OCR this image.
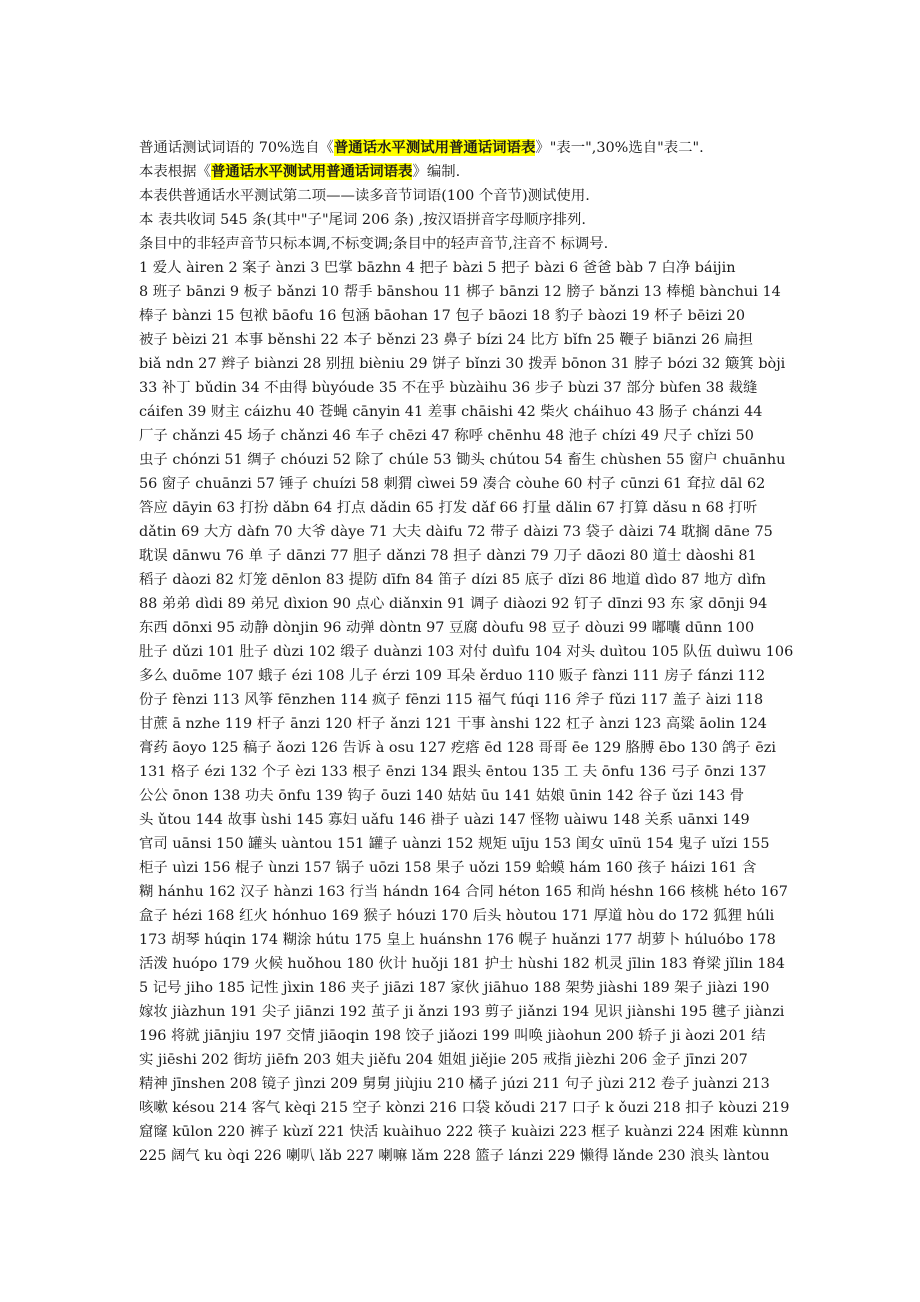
普通话测试词语的 70%选自《普通话水平测试用普通话词语表》"表一",30%选自"表二".

本表根据《普通话水平测试用普通话词语表》编制.

本表供普通话水平测试第二项——读多音节词语(100 个音节)测试使用.

本 表共收词 545 条(其中"子"尾词 206 条) ,按汉语拼音字母顺序排列.

条目中的非轻声音节只标本调,不标变调;条目中的轻声音节,注音不 标调号.

1 爱人 àiren 2 案子 ànzi 3 巴掌 bāzhn 4 把子 bàzi 5 把子 bàzi 6 爸爸 bàb 7 白净 báijin
8 班子 bānzi 9 板子 bǎnzi 10 帮手 bānshou 11 梆子 bānzi 12 膀子 bǎnzi 13 棒槌 bànchui 14
棒子 bànzi 15 包袱 bāofu 16 包涵 bāohan 17 包子 bāozi 18 豹子 bàozi 19 杯子 bēizi 20
被子 bèizi 21 本事 běnshi 22 本子 běnzi 23 鼻子 bízi 24 比方 bǐfn 25 鞭子 biānzi 26 扁担
biǎ ndn 27 辫子 biànzi 28 别扭 bièniu 29 饼子 bǐnzi 30 拨弄 bōnon 31 脖子 bózi 32 簸箕 bòji
33 补丁 bǔdin 34 不由得 bùyóude 35 不在乎 bùzàihu 36 步子 bùzi 37 部分 bùfen 38 裁缝
cáifen 39 财主 cáizhu 40 苍蝇 cānyin 41 差事 chāishi 42 柴火 cháihuo 43 肠子 chánzi 44
厂子 chǎnzi 45 场子 chǎnzi 46 车子 chēzi 47 称呼 chēnhu 48 池子 chízi 49 尺子 chǐzi 50
虫子 chónzi 51 绸子 chóuzi 52 除了 chúle 53 锄头 chútou 54 畜生 chùshen 55 窗户 chuānhu
56 窗子 chuānzi 57 锤子 chuízi 58 刺猬 cìwei 59 凑合 còuhe 60 村子 cūnzi 61 耷拉 dāl 62
答应 dāyin 63 打扮 dǎbn 64 打点 dǎdin 65 打发 dǎf 66 打量 dǎlin 67 打算 dǎsu n 68 打听
dǎtin 69 大方 dàfn 70 大爷 dàye 71 大夫 dàifu 72 带子 dàizi 73 袋子 dàizi 74 耽搁 dāne 75
耽误 dānwu 76 单 子 dānzi 77 胆子 dǎnzi 78 担子 dànzi 79 刀子 dāozi 80 道士 dàoshi 81
稻子 dàozi 82 灯笼 dēnlon 83 提防 dīfn 84 笛子 dízi 85 底子 dǐzi 86 地道 dìdo 87 地方 dìfn
88 弟弟 dìdi 89 弟兄 dìxion 90 点心 diǎnxin 91 调子 diàozi 92 钉子 dīnzi 93 东 家 dōnji 94
东西 dōnxi 95 动静 dònjin 96 动弹 dòntn 97 豆腐 dòufu 98 豆子 dòuzi 99 嘟囔 dūnn 100
肚子 dǔzi 101 肚子 dùzi 102 缎子 duànzi 103 对付 duìfu 104 对头 duìtou 105 队伍 duìwu 106
多么 duōme 107 蛾子 ézi 108 儿子 érzi 109 耳朵 ěrduo 110 贩子 fànzi 111 房子 fánzi 112
份子 fènzi 113 风筝 fēnzhen 114 疯子 fēnzi 115 福气 fúqi 116 斧子 fǔzi 117 盖子 àizi 118
甘蔗 ā nzhe 119 杆子 ānzi 120 杆子 ǎnzi 121 干事 ànshi 122 杠子 ànzi 123 高粱 āolin 124
膏药 āoyo 125 稿子 ǎozi 126 告诉 à osu 127 疙瘩 ēd 128 哥哥 ēe 129 胳膊 ēbo 130 鸽子 ēzi
131 格子 ézi 132 个子 èzi 133 根子 ēnzi 134 跟头 ēntou 135 工 夫 ōnfu 136 弓子 ōnzi 137
公公 ōnon 138 功夫 ōnfu 139 钩子 ōuzi 140 姑姑 ūu 141 姑娘 ūnin 142 谷子 ǔzi 143 骨
头 ǔtou 144 故事 ùshi 145 寡妇 uǎfu 146 褂子 uàzi 147 怪物 uàiwu 148 关系 uānxi 149
官司 uānsi 150 罐头 uàntou 151 罐子 uànzi 152 规矩 uīju 153 闺女 uīnü 154 鬼子 uǐzi 155
柜子 uìzi 156 棍子 ùnzi 157 锅子 uōzi 158 果子 uǒzi 159 蛤蟆 hám 160 孩子 háizi 161 含
糊 hánhu 162 汉子 hànzi 163 行当 hándn 164 合同 héton 165 和尚 héshn 166 核桃 héto 167
盒子 hézi 168 红火 hónhuo 169 猴子 hóuzi 170 后头 hòutou 171 厚道 hòu do 172 狐狸 húli
173 胡琴 húqin 174 糊涂 hútu 175 皇上 huánshn 176 幌子 huǎnzi 177 胡萝卜 húluóbo 178
活泼 huópo 179 火候 huǒhou 180 伙计 huǒji 181 护士 hùshi 182 机灵 jīlin 183 脊梁 jǐlin 184
5 记号 jiho 185 记性 jìxin 186 夹子 jiāzi 187 家伙 jiāhuo 188 架势 jiàshi 189 架子 jiàzi 190
嫁妆 jiàzhun 191 尖子 jiānzi 192 茧子 ji ǎnzi 193 剪子 jiǎnzi 194 见识 jiànshi 195 毽子 jiànzi
196 将就 jiānjiu 197 交情 jiāoqin 198 饺子 jiǎozi 199 叫唤 jiàohun 200 轿子 ji àozi 201 结
实 jiēshi 202 街坊 jiēfn 203 姐夫 jiěfu 204 姐姐 jiějie 205 戒指 jièzhi 206 金子 jīnzi 207
精神 jīnshen 208 镜子 jìnzi 209 舅舅 jiùjiu 210 橘子 júzi 211 句子 jùzi 212 卷子 juànzi 213
咳嗽 késou 214 客气 kèqi 215 空子 kònzi 216 口袋 kǒudi 217 口子 k ǒuzi 218 扣子 kòuzi 219
窟窿 kūlon 220 裤子 kùzǐ 221 快活 kuàihuo 222 筷子 kuàizi 223 框子 kuànzi 224 困难 kùnnn
225 阔气 ku òqi 226 喇叭 lǎb 227 喇嘛 lǎm 228 篮子 lánzi 229 懒得 lǎnde 230 浪头 làntou
